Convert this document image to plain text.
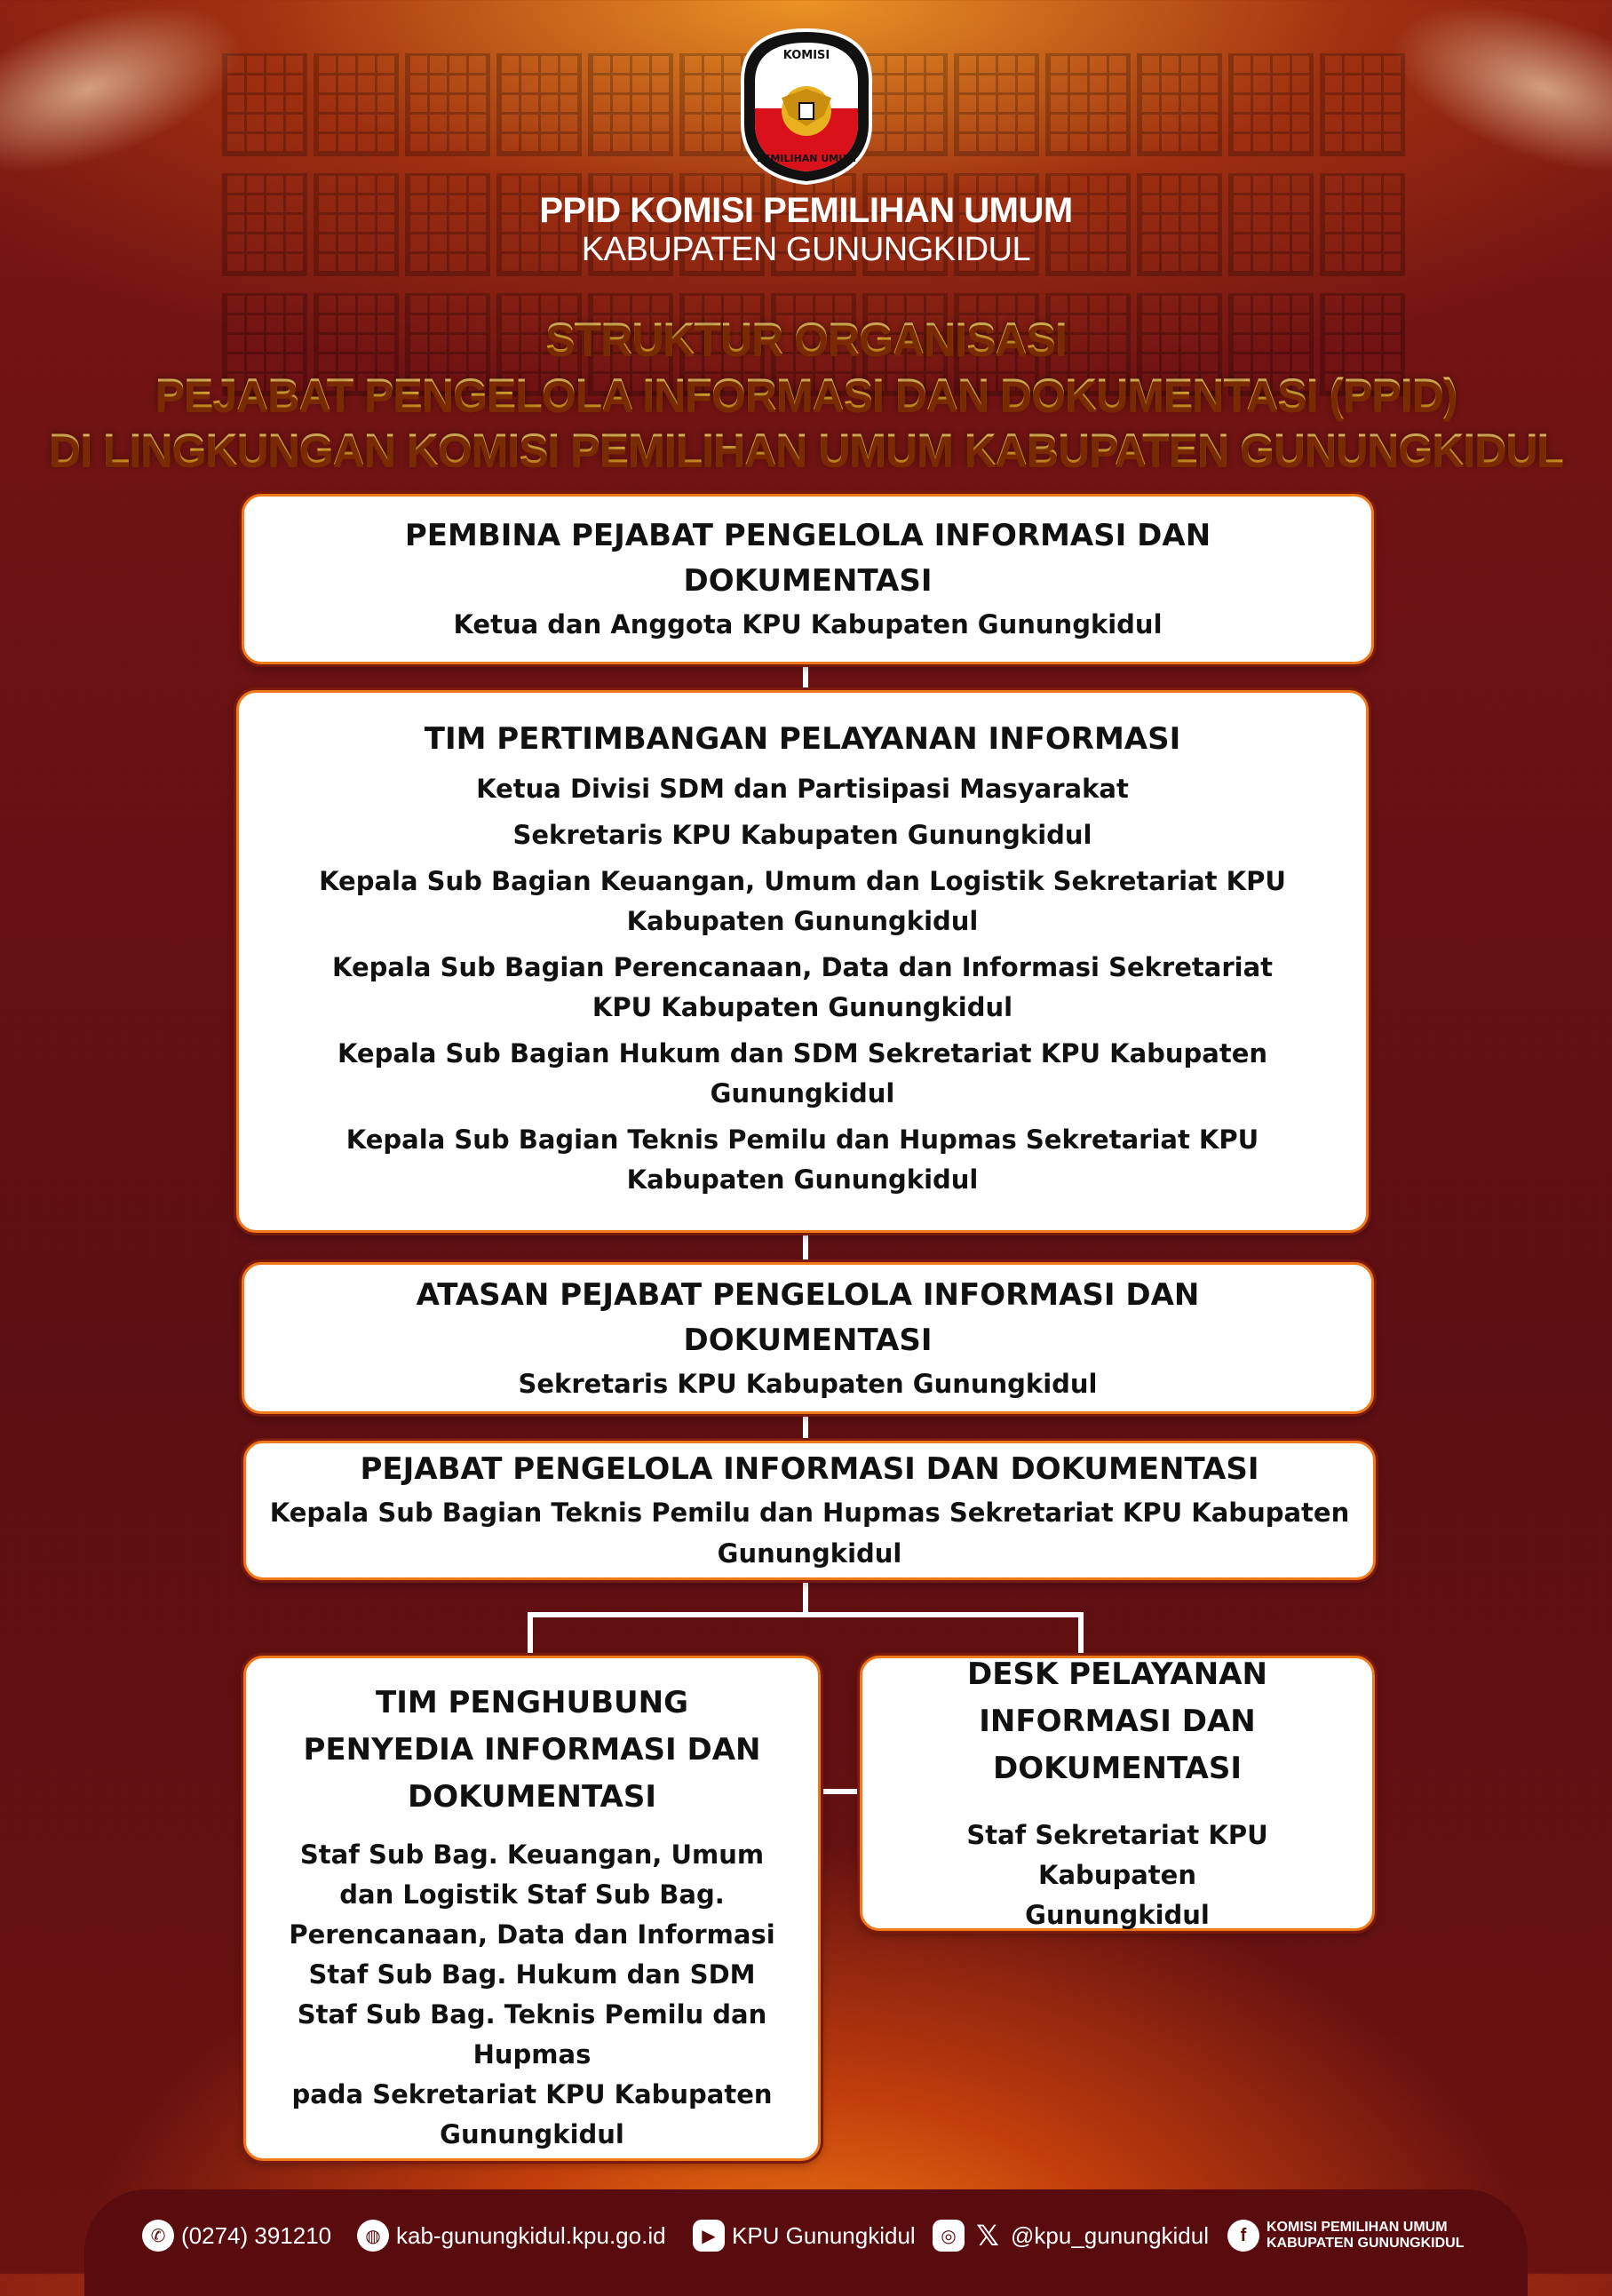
KOMISI
PEMILIHAN UMUM
PPID KOMISI PEMILIHAN UMUM
KABUPATEN GUNUNGKIDUL
STRUKTUR ORGANISASI
PEJABAT PENGELOLA INFORMASI DAN DOKUMENTASI (PPID)
DI LINGKUNGAN KOMISI PEMILIHAN UMUM KABUPATEN GUNUNGKIDUL
PEMBINA PEJABAT PENGELOLA INFORMASI DAN
DOKUMENTASI
Ketua dan Anggota KPU Kabupaten Gunungkidul
TIM PERTIMBANGAN PELAYANAN INFORMASI
Ketua Divisi SDM dan Partisipasi Masyarakat
Sekretaris KPU Kabupaten Gunungkidul
Kepala Sub Bagian Keuangan, Umum dan Logistik Sekretariat KPU Kabupaten Gunungkidul
Kepala Sub Bagian Perencanaan, Data dan Informasi Sekretariat KPU Kabupaten Gunungkidul
Kepala Sub Bagian Hukum dan SDM Sekretariat KPU Kabupaten Gunungkidul
Kepala Sub Bagian Teknis Pemilu dan Hupmas Sekretariat KPU Kabupaten Gunungkidul
ATASAN PEJABAT PENGELOLA INFORMASI DAN
DOKUMENTASI
Sekretaris KPU Kabupaten Gunungkidul
PEJABAT PENGELOLA INFORMASI DAN DOKUMENTASI
Kepala Sub Bagian Teknis Pemilu dan Hupmas Sekretariat KPU Kabupaten Gunungkidul
TIM PENGHUBUNG
PENYEDIA INFORMASI DAN
DOKUMENTASI
Staf Sub Bag. Keuangan, Umum dan Logistik Staf Sub Bag. Perencanaan, Data dan Informasi Staf Sub Bag. Hukum dan SDM Staf Sub Bag. Teknis Pemilu dan Hupmas
pada Sekretariat KPU Kabupaten Gunungkidul
DESK PELAYANAN
INFORMASI DAN
DOKUMENTASI
Staf Sekretariat KPU Kabupaten Gunungkidul
✆ (0274) 391210	◍ kab-gunungkidul.kpu.go.id	▶ KPU Gunungkidul	◎ 𝕏 @kpu_gunungkidul	f	KOMISI PEMILIHAN UMUM
KABUPATEN GUNUNGKIDUL
